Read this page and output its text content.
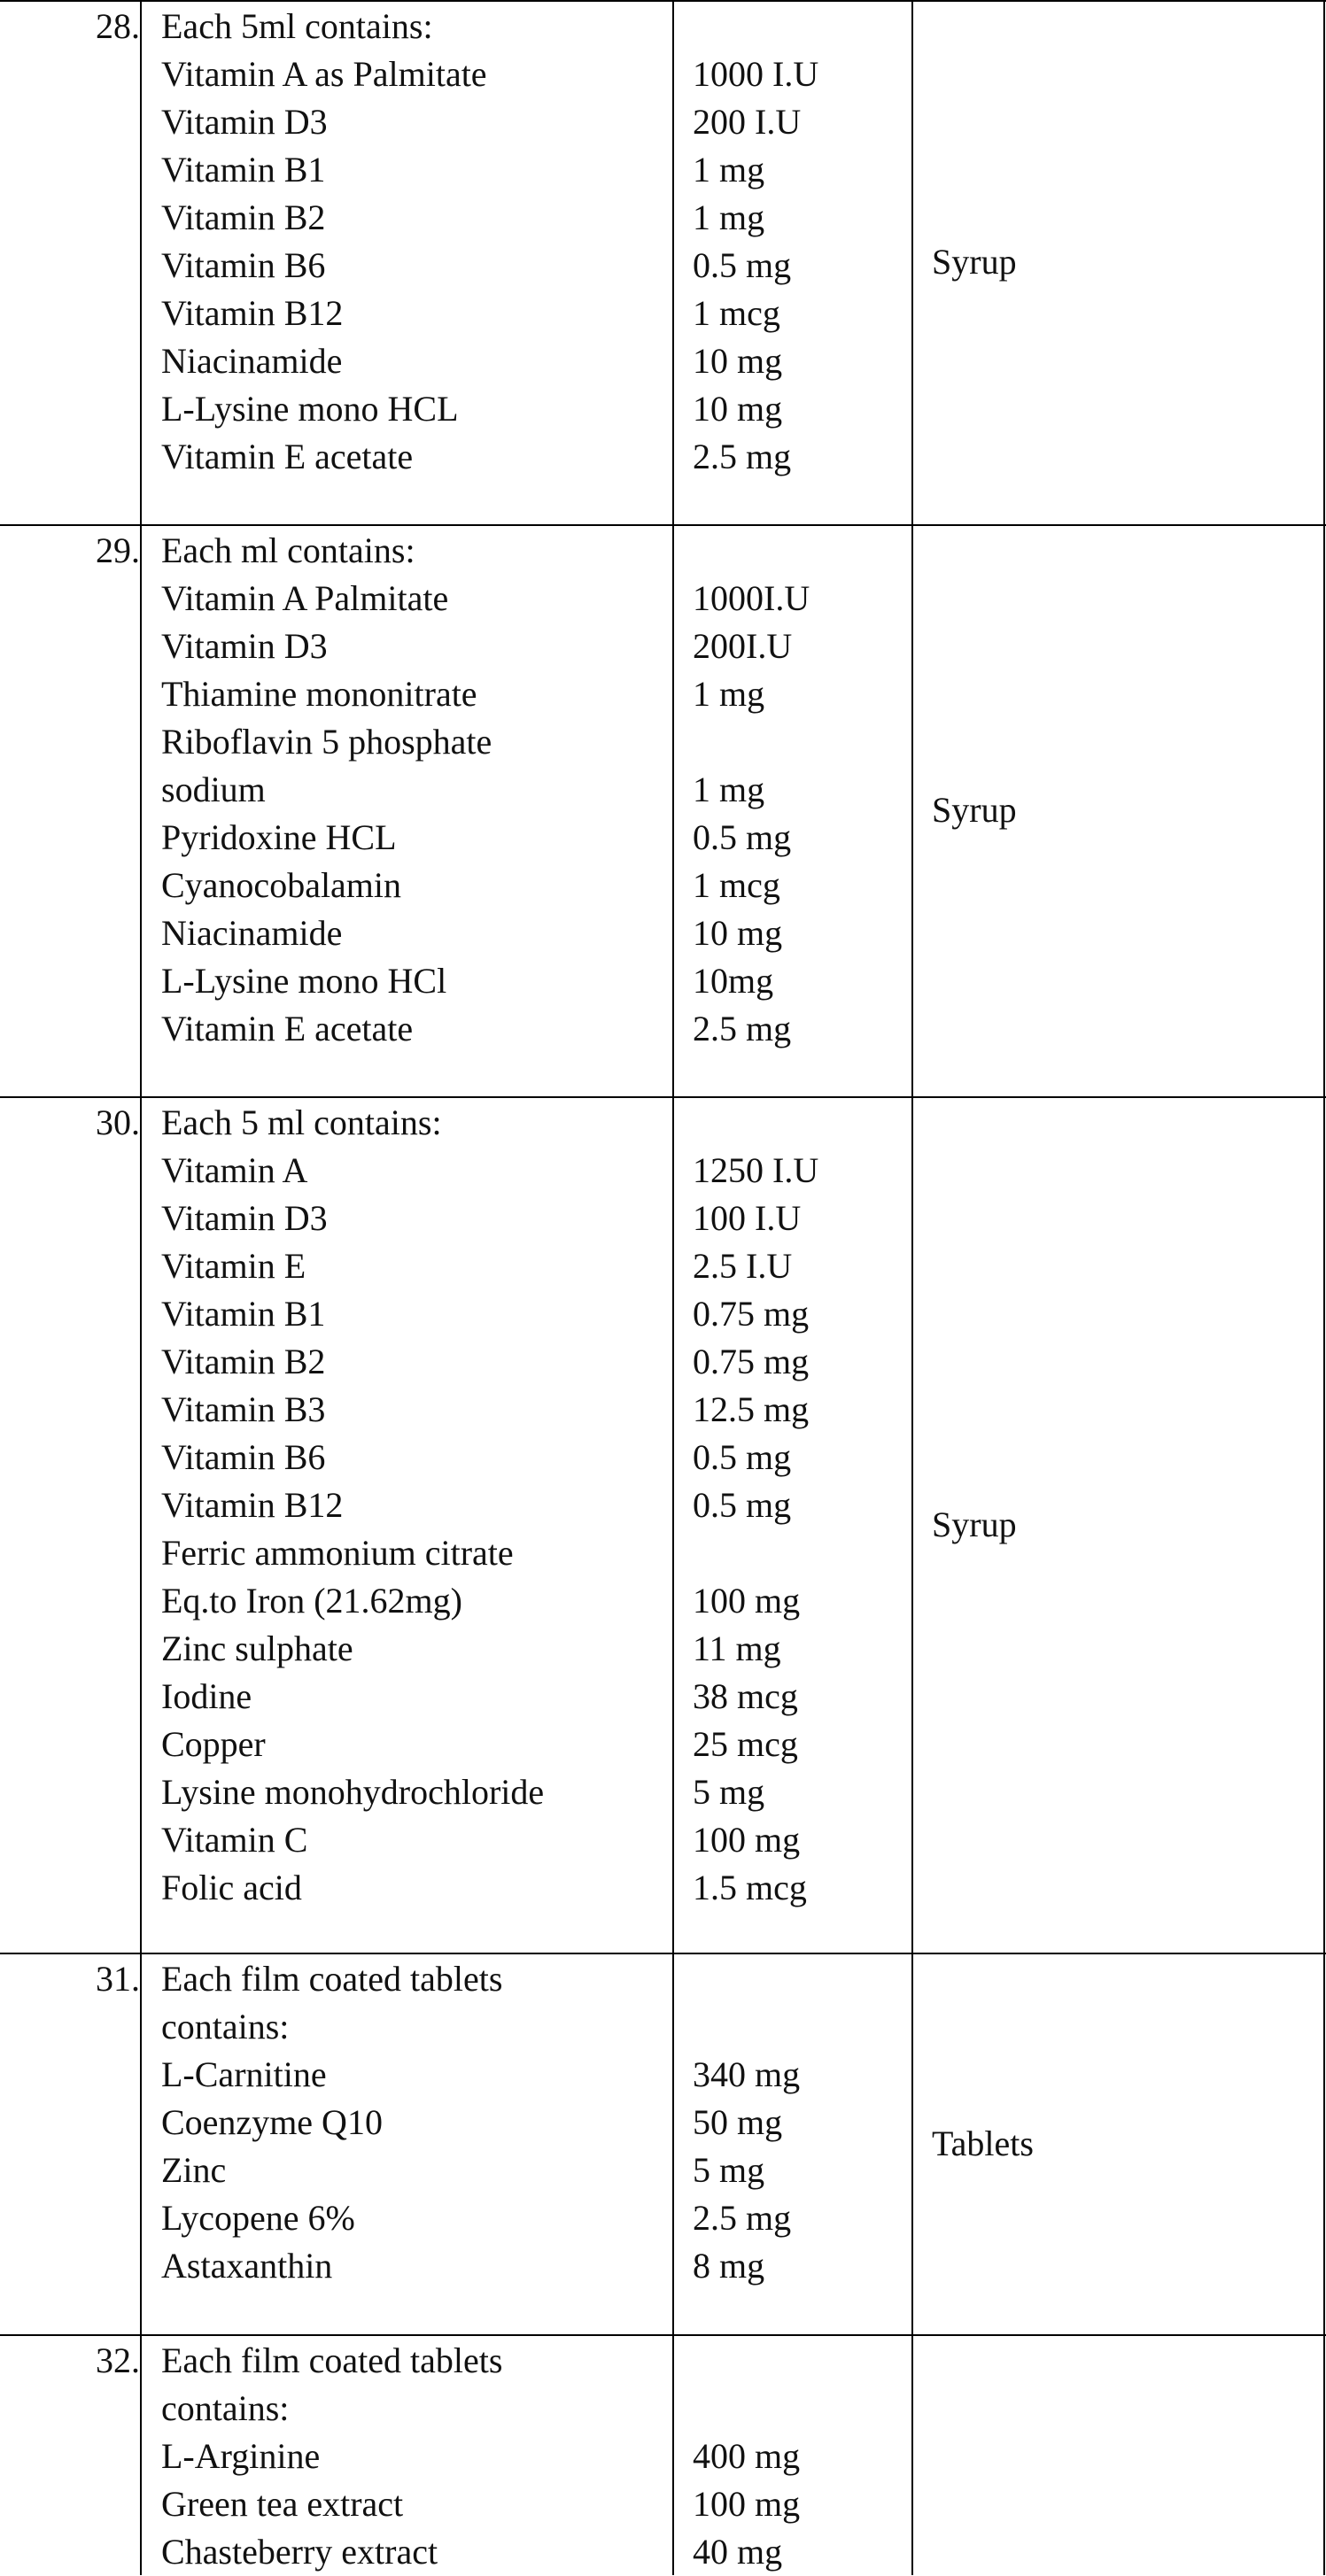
28. Each 5ml contains:
Vitamin A as Palmitate	1000 I.U
Vitamin D3	200 I.U
Vitamin B1	1 mg
Vitamin B2	1 mg
Vitamin B6	0.5 mg
Vitamin B12	1 mcg
Niacinamide	10 mg
L-Lysine mono HCL	10 mg
Vitamin E acetate	2.5 mg
Syrup
29. Each ml contains:
Vitamin A Palmitate	1000I.U
Vitamin D3	200I.U
Thiamine mononitrate	1 mg
Riboflavin 5 phosphate
sodium	1 mg
Pyridoxine HCL	0.5 mg
Cyanocobalamin	1 mcg
Niacinamide	10 mg
L-Lysine mono HCl	10mg
Vitamin E acetate	2.5 mg
Syrup
30. Each 5 ml contains:
Vitamin A	1250 I.U
Vitamin D3	100 I.U
Vitamin E	2.5 I.U
Vitamin B1	0.75 mg
Vitamin B2	0.75 mg
Vitamin B3	12.5 mg
Vitamin B6	0.5 mg
Vitamin B12	0.5 mg
Ferric ammonium citrate
Eq.to Iron (21.62mg)	100 mg
Zinc sulphate	11 mg
Iodine	38 mcg
Copper	25 mcg
Lysine monohydrochloride	5 mg
Vitamin C	100 mg
Folic acid	1.5 mcg
Syrup
31. Each film coated tablets
contains:
L-Carnitine	340 mg
Coenzyme Q10	50 mg
Zinc	5 mg
Lycopene 6%	2.5 mg
Astaxanthin	8 mg
Tablets
32. Each film coated tablets
contains:
L-Arginine	400 mg
Green tea extract	100 mg
Chasteberry extract	40 mg
